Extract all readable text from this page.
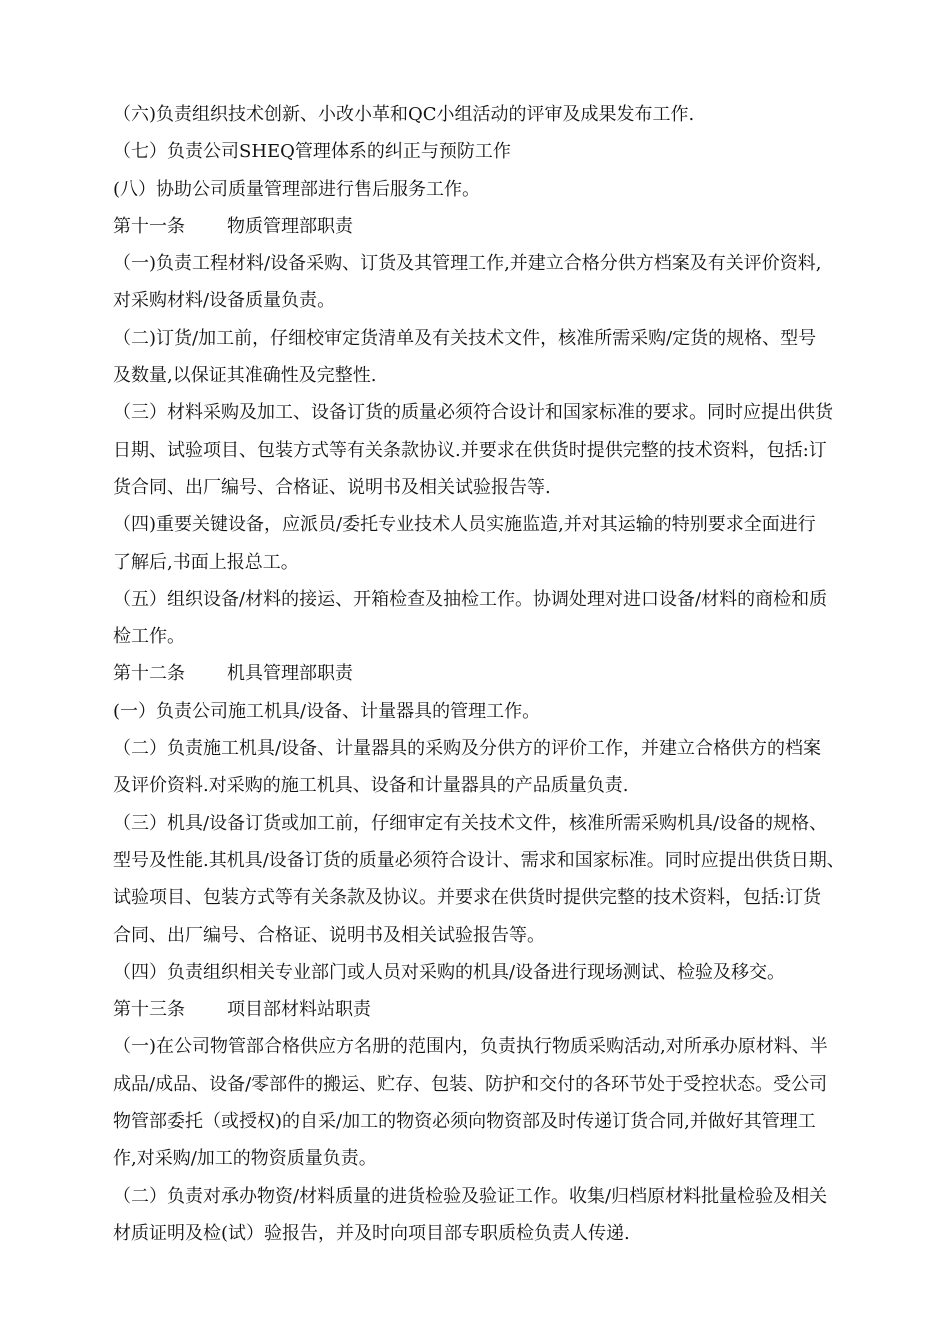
（六)负责组织技术创新、小改小革和QC小组活动的评审及成果发布工作.
（七）负责公司SHEQ管理体系的纠正与预防工作
(八）协助公司质量管理部进行售后服务工作。
第十一条 物质管理部职责
（一)负责工程材料/设备采购、订货及其管理工作,并建立合格分供方档案及有关评价资料,
对采购材料/设备质量负责。
（二)订货/加工前，仔细校审定货清单及有关技术文件，核准所需采购/定货的规格、型号
及数量,以保证其准确性及完整性.
（三）材料采购及加工、设备订货的质量必须符合设计和国家标准的要求。同时应提出供货
日期、试验项目、包装方式等有关条款协议.并要求在供货时提供完整的技术资料，包括:订
货合同、出厂编号、合格证、说明书及相关试验报告等.
（四)重要关键设备，应派员/委托专业技术人员实施监造,并对其运输的特别要求全面进行
了解后,书面上报总工。
（五）组织设备/材料的接运、开箱检查及抽检工作。协调处理对进口设备/材料的商检和质
检工作。
第十二条 机具管理部职责
(一）负责公司施工机具/设备、计量器具的管理工作。
（二）负责施工机具/设备、计量器具的采购及分供方的评价工作，并建立合格供方的档案
及评价资料.对采购的施工机具、设备和计量器具的产品质量负责.
（三）机具/设备订货或加工前，仔细审定有关技术文件，核准所需采购机具/设备的规格、
型号及性能.其机具/设备订货的质量必须符合设计、需求和国家标准。同时应提出供货日期、
试验项目、包装方式等有关条款及协议。并要求在供货时提供完整的技术资料，包括:订货
合同、出厂编号、合格证、说明书及相关试验报告等。
（四）负责组织相关专业部门或人员对采购的机具/设备进行现场测试、检验及移交。
第十三条 项目部材料站职责
（一)在公司物管部合格供应方名册的范围内，负责执行物质采购活动,对所承办原材料、半
成品/成品、设备/零部件的搬运、贮存、包装、防护和交付的各环节处于受控状态。受公司
物管部委托（或授权)的自采/加工的物资必须向物资部及时传递订货合同,并做好其管理工
作,对采购/加工的物资质量负责。
（二）负责对承办物资/材料质量的进货检验及验证工作。收集/归档原材料批量检验及相关
材质证明及检(试）验报告，并及时向项目部专职质检负责人传递.
